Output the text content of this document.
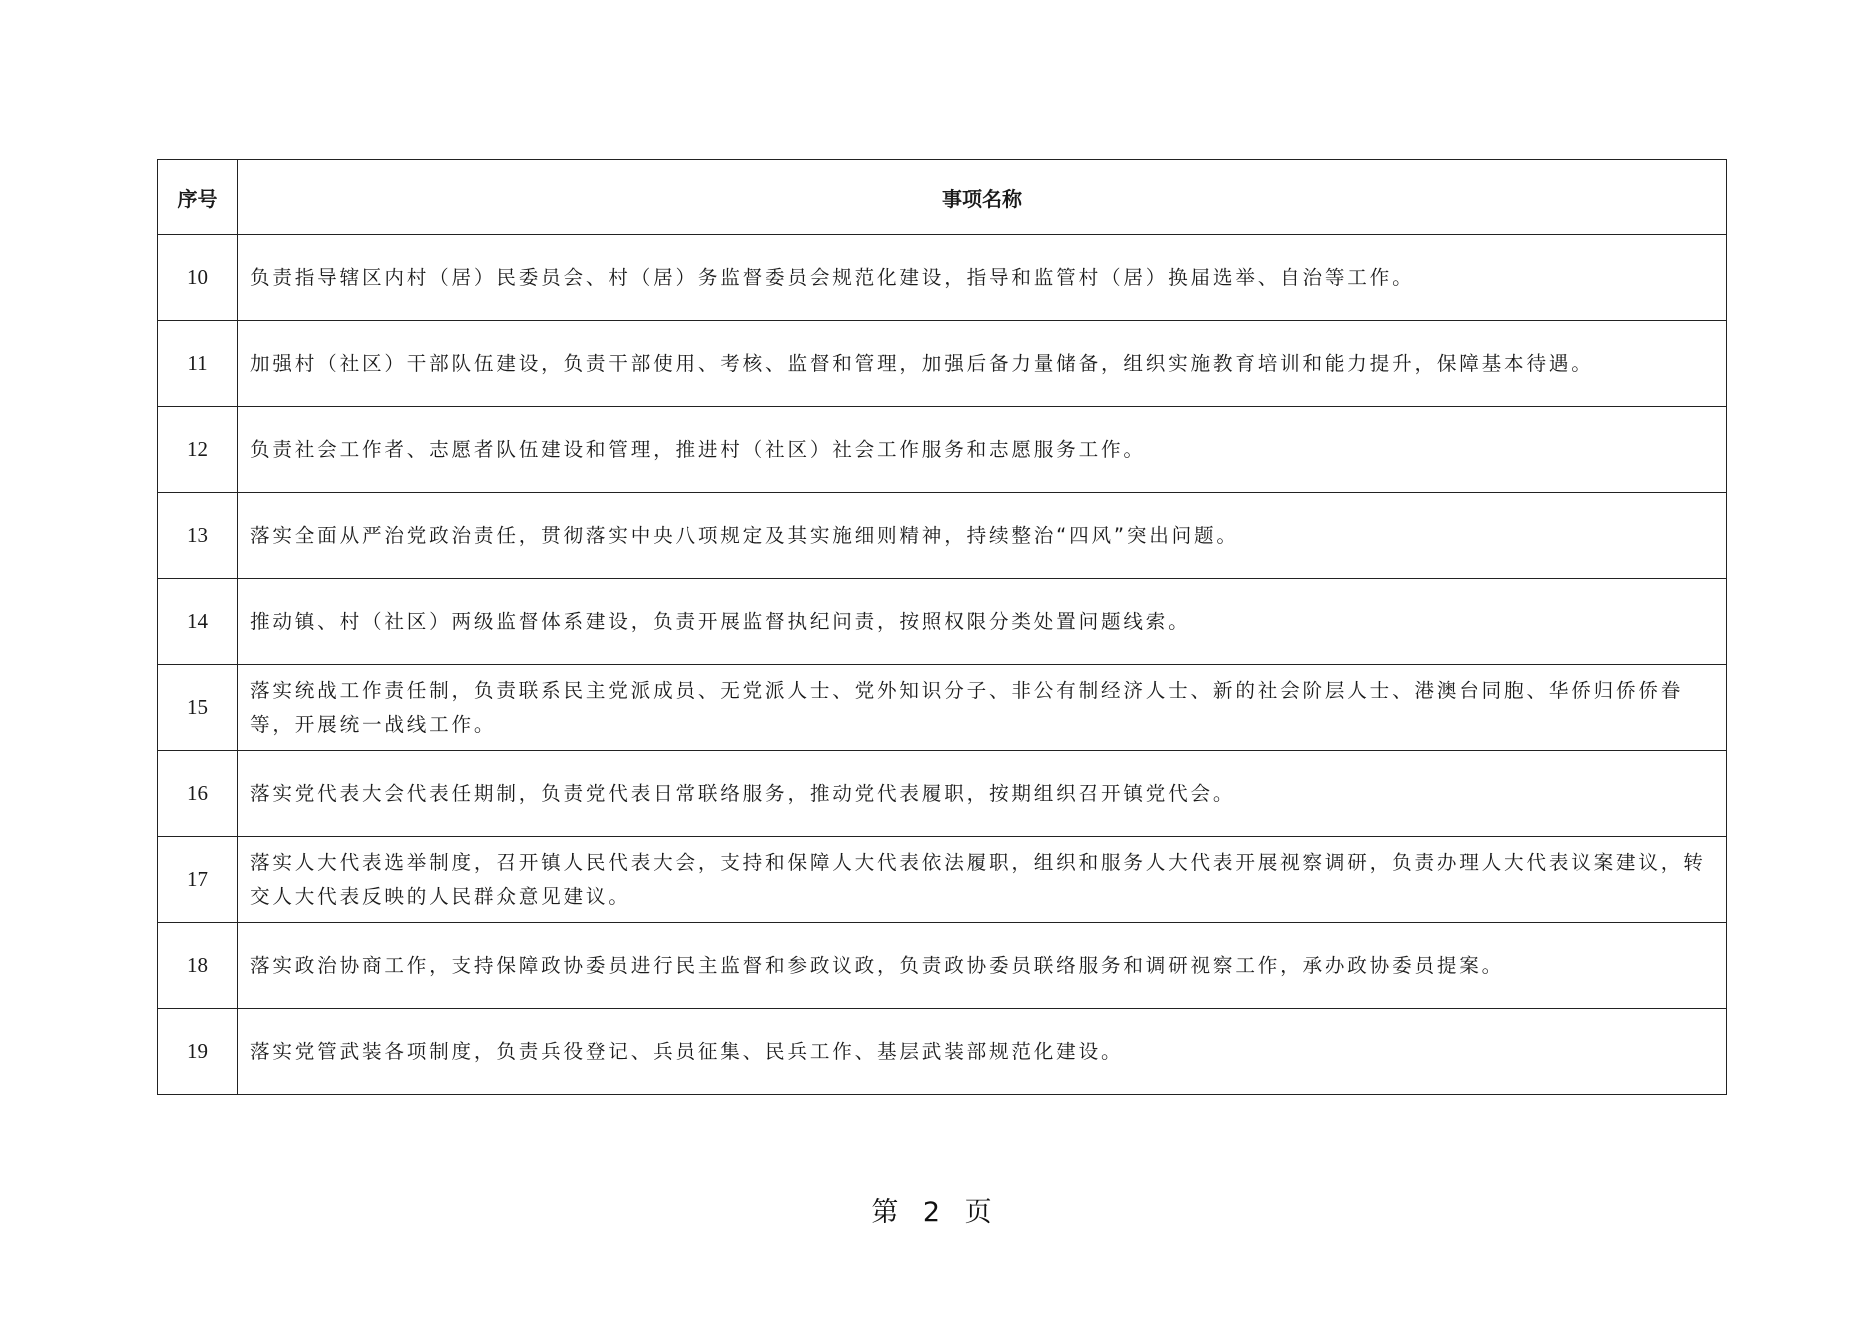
序号	事项名称
10	负责指导辖区内村（居）民委员会、村（居）务监督委员会规范化建设，指导和监管村（居）换届选举、自治等工作。
11	加强村（社区）干部队伍建设，负责干部使用、考核、监督和管理，加强后备力量储备，组织实施教育培训和能力提升，保障基本待遇。
12	负责社会工作者、志愿者队伍建设和管理，推进村（社区）社会工作服务和志愿服务工作。
13	落实全面从严治党政治责任，贯彻落实中央八项规定及其实施细则精神，持续整治“四风”突出问题。
14	推动镇、村（社区）两级监督体系建设，负责开展监督执纪问责，按照权限分类处置问题线索。
15	落实统战工作责任制，负责联系民主党派成员、无党派人士、党外知识分子、非公有制经济人士、新的社会阶层人士、港澳台同胞、华侨归侨侨眷等，开展统一战线工作。
16	落实党代表大会代表任期制，负责党代表日常联络服务，推动党代表履职，按期组织召开镇党代会。
17	落实人大代表选举制度，召开镇人民代表大会，支持和保障人大代表依法履职，组织和服务人大代表开展视察调研，负责办理人大代表议案建议，转交人大代表反映的人民群众意见建议。
18	落实政治协商工作，支持保障政协委员进行民主监督和参政议政，负责政协委员联络服务和调研视察工作，承办政协委员提案。
19	落实党管武装各项制度，负责兵役登记、兵员征集、民兵工作、基层武装部规范化建设。
第 2 页
